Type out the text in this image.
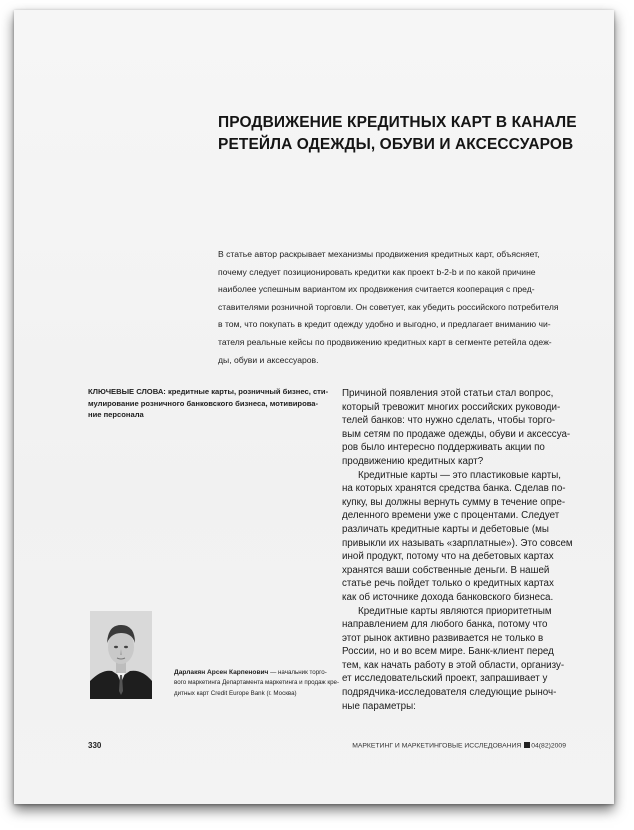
ПРОДВИЖЕНИЕ КРЕДИТНЫХ КАРТ В КАНАЛЕ
РЕТЕЙЛА ОДЕЖДЫ, ОБУВИ И АКСЕССУАРОВ
В статье автор раскрывает механизмы продвижения кредитных карт, объясняет,
почему следует позиционировать кредитки как проект b-2-b и по какой причине
наиболее успешным вариантом их продвижения считается кооперация с пред-
ставителями розничной торговли. Он советует, как убедить российского потребителя
в том, что покупать в кредит одежду удобно и выгодно, и предлагает вниманию чи-
тателя реальные кейсы по продвижению кредитных карт в сегменте ретейла одеж-
ды, обуви и аксессуаров.
КЛЮЧЕВЫЕ СЛОВА: кредитные карты, розничный бизнес, сти-
мулирование розничного банковского бизнеса, мотивирова-
ние персонала
Причиной появления этой статьи стал вопрос,
который тревожит многих российских руководи-
телей банков: что нужно сделать, чтобы торго-
вым сетям по продаже одежды, обуви и аксессуа-
ров было интересно поддерживать акции по
продвижению кредитных карт?
Кредитные карты — это пластиковые карты,
на которых хранятся средства банка. Сделав по-
купку, вы должны вернуть сумму в течение опре-
деленного времени уже с процентами. Следует
различать кредитные карты и дебетовые (мы
привыкли их называть «зарплатные»). Это совсем
иной продукт, потому что на дебетовых картах
хранятся ваши собственные деньги. В нашей
статье речь пойдет только о кредитных картах
как об источнике дохода банковского бизнеса.
Кредитные карты являются приоритетным
направлением для любого банка, потому что
этот рынок активно развивается не только в
России, но и во всем мире. Банк-клиент перед
тем, как начать работу в этой области, организу-
ет исследовательский проект, запрашивает у
подрядчика-исследователя следующие рыноч-
ные параметры:
Дарлакян Арсен Карпенович — начальник торго-
вого маркетинга Департамента маркетинга и продаж кре-
дитных карт Credit Europe Bank (г. Москва)
330	МАРКЕТИНГ И МАРКЕТИНГОВЫЕ ИССЛЕДОВАНИЯ 04(82)2009
